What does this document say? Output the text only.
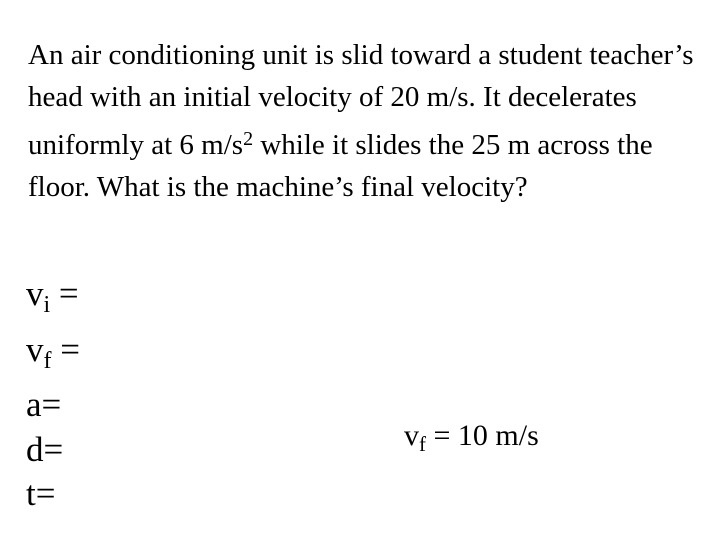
An air conditioning unit is slid toward a student teacher’s head with an initial velocity of 20 m/s. It decelerates uniformly at 6 $m/s^2$ while it slides the 25 m across the floor. What is the machine’s final velocity?
$v_i$ =
$v_f$ =
a=
d=
t=
$v_f = 10$ m/s
